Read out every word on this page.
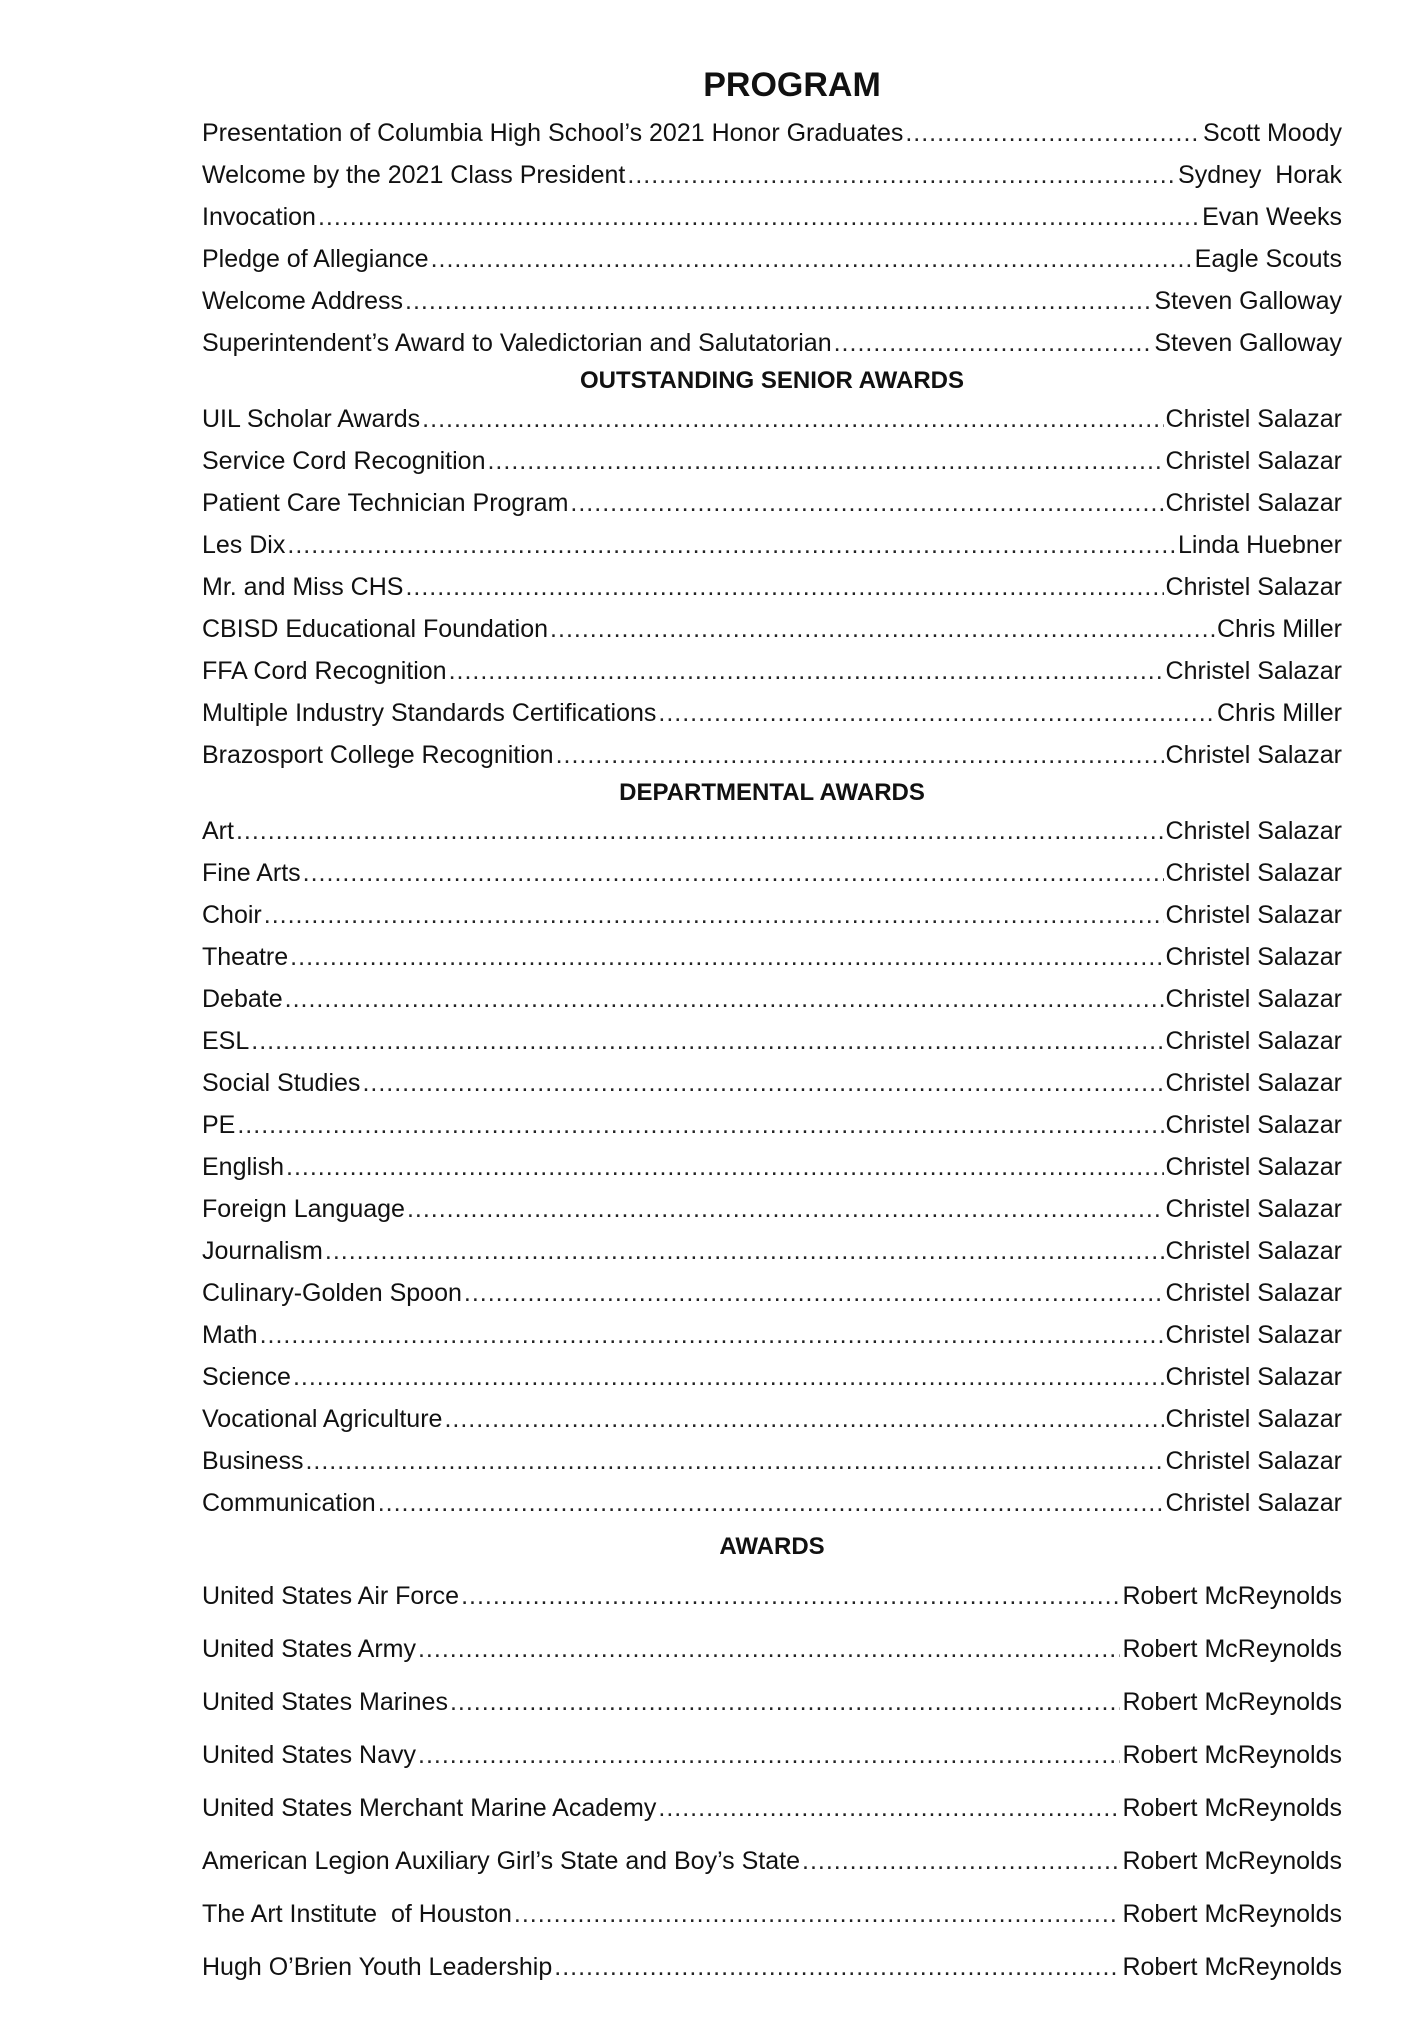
PROGRAM
Presentation of Columbia High School’s 2021 Honor Graduates .....	Scott Moody
Welcome by the 2021 Class President .....	Sydney  Horak
Invocation .....	Evan Weeks
Pledge of Allegiance .....	Eagle Scouts
Welcome Address .....	Steven Galloway
Superintendent’s Award to Valedictorian and Salutatorian .....	Steven Galloway
OUTSTANDING SENIOR AWARDS
UIL Scholar Awards .....	Christel Salazar
Service Cord Recognition .....	Christel Salazar
Patient Care Technician Program .....	Christel Salazar
Les Dix .....	Linda Huebner
Mr. and Miss CHS .....	Christel Salazar
CBISD Educational Foundation .....	Chris Miller
FFA Cord Recognition .....	Christel Salazar
Multiple Industry Standards Certifications .....	Chris Miller
Brazosport College Recognition .....	Christel Salazar
DEPARTMENTAL AWARDS
Art .....	Christel Salazar
Fine Arts .....	Christel Salazar
Choir .....	Christel Salazar
Theatre .....	Christel Salazar
Debate .....	Christel Salazar
ESL .....	Christel Salazar
Social Studies .....	Christel Salazar
PE .....	Christel Salazar
English .....	Christel Salazar
Foreign Language .....	Christel Salazar
Journalism .....	Christel Salazar
Culinary-Golden Spoon .....	Christel Salazar
Math .....	Christel Salazar
Science .....	Christel Salazar
Vocational Agriculture .....	Christel Salazar
Business .....	Christel Salazar
Communication .....	Christel Salazar
AWARDS
United States Air Force .....	Robert McReynolds
United States Army .....	Robert McReynolds
United States Marines .....	Robert McReynolds
United States Navy .....	Robert McReynolds
United States Merchant Marine Academy .....	Robert McReynolds
American Legion Auxiliary Girl’s State and Boy’s State .....	Robert McReynolds
The Art Institute  of Houston .....	Robert McReynolds
Hugh O’Brien Youth Leadership .....	Robert McReynolds
